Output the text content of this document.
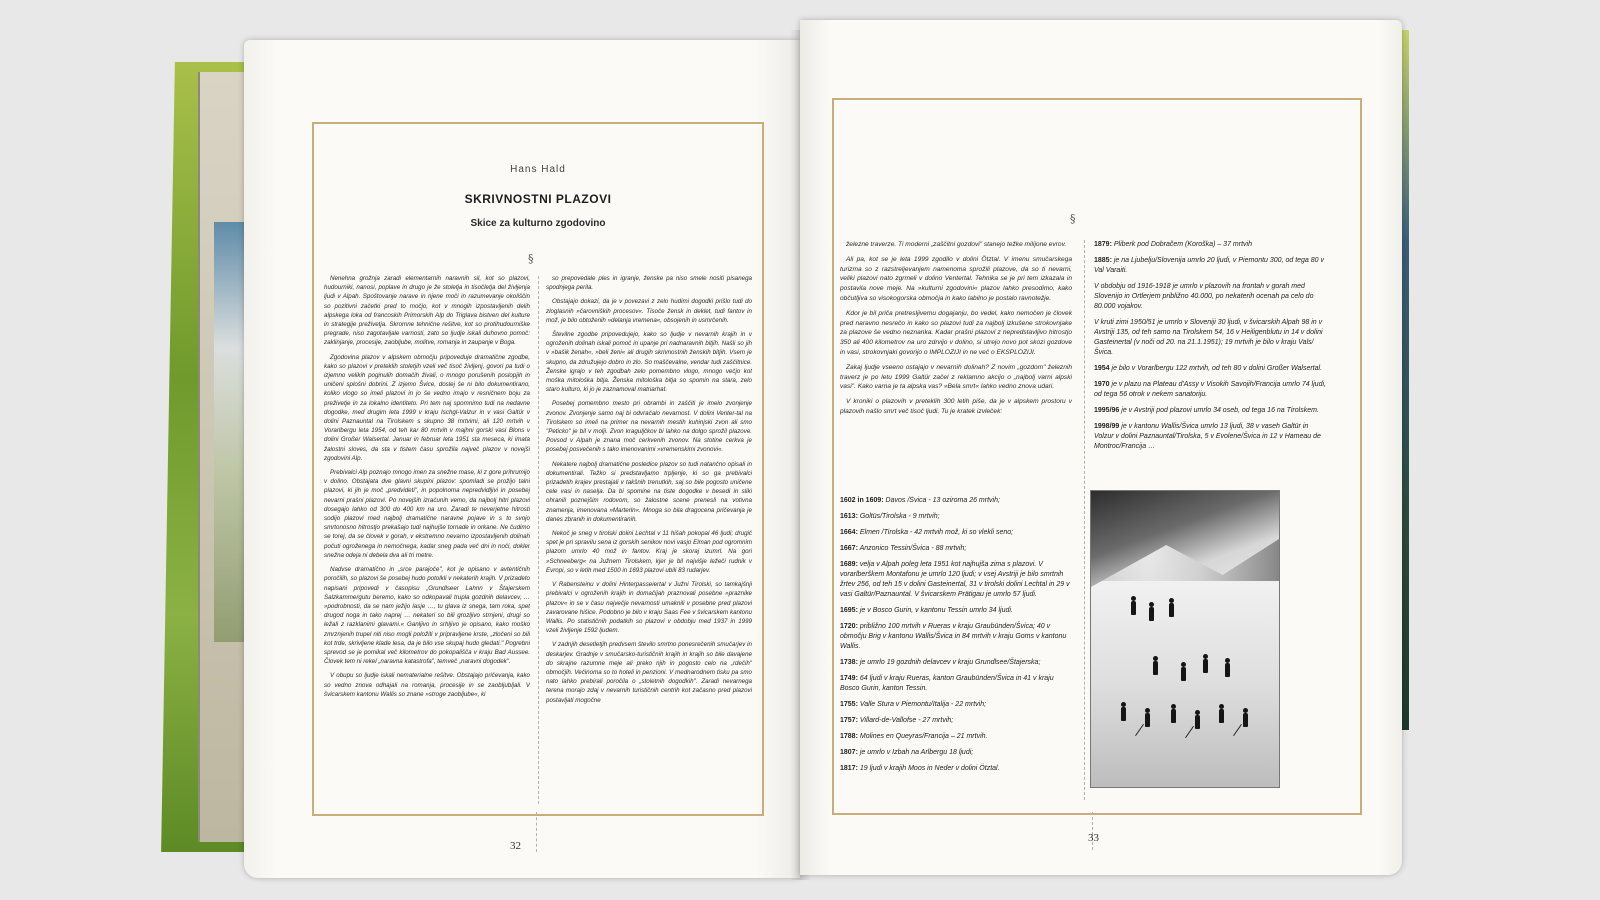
Hans Hald
SKRIVNOSTNI PLAZOVI
Skice za kulturno zgodovino
§

Nenehna grožnja zaradi elementarnih naravnih sil, kot so plazovi, hudourniki, nanosi, poplave in drugo je že stoletja in tisočletja del življenja ljudi v Alpah. Spoštovanje narave in njene moči in razumevanje okoliščin so pozitivni začetki pred to močjo, kot v mnogih izpostavljenih delih alpskega loka od francoskih Primorskih Alp do Triglava bistven del kulture in strategije preživetja. Skromne tehnične rešitve, kot so protihudourniške pregrade, niso zagotavljale varnosti, zato so ljudje iskali duhovno pomoč: zaklinjanje, procesije, zaobljube, molitve, romanja in zaupanje v Boga.

Zgodovina plazov v alpskem območju pripoveduje dramatične zgodbe, kako so plazovi v preteklih stoletjih vzeli več tisoč življenj, govori pa tudi o izjemno velikih poginulih domačih živali, o mnogo porušenih poslopjih in uničeni splošni dobrini. Z izjemo Švice, doslej še ni bilo dokumentirano, koliko vlogo so imeli plazovi in jo še vedno imajo v resničnem boju za preživetje in za lokalno identiteto. Pri tem naj spomnimo tudi na nedavne dogodke, med drugim leta 1999 v kraju Ischgl-Valzur in v vasi Galtür v dolini Paznauntal na Tirolskem s skupno 38 mrtvimi, ali 120 mrtvih v Vorarlbergu leta 1954, od teh kar 80 mrtvih v majhni gorski vasi Blons v dolini Großer Walsertal. Januar in februar leta 1951 sta meseca, ki imata žalostni sloves, da sta v tistem času sprožila največ plazov v novejši zgodovini Alp.

Prebivalci Alp poznajo mnogo imen za snežne mase, ki z gore prihrumijo v dolino. Obstajata dve glavni skupini plazov: spomladi se prožijo talni plazovi, ki jih je moč „predvideti", in popolnoma nepredvidljivi in posebej nevarni prašni plazovi. Po novejših izračunih vemo, da najbolj hitri plazovi dosegajo lahko od 300 do 400 km na uro. Zaradi te neverjetne hitrosti sodijo plazovi med najbolj dramatične naravne pojave in s to svojo smrtonosno hitrostjo prekašajo tudi najhujše tornade in orkane. Ne čudimo se torej, da se človek v gorah, v ekstremno nevarno izpostavljenih dolinah počuti ogroženega in nemočnega, kadar sneg pada več dni in noči, dokler snežna odeja ni debela dva ali tri metre.

Nadvse dramatično in „srce parajoče", kot je opisano v avtentičnih poročilih, so plazovi še posebej hudo potolkli v nekaterih krajih. V prizadeto napisani pripovedi v časopisu „Grundlseer Lahnn v Štajerskem Salzkammergutu beremo, kako so odkopavali trupla gozdnih delavcev, … »podrobnosti, da se nam ježijo lasje …, tu glava iz snega, tam roka, spet drugod noga in tako naprej … nekateri so bili grozljivo strnjeni, drugi so ležali z razklanimi glavami.« Ganljivo in srhljivo je opisano, kako moško zmrznjenih trupel niti niso mogli položiti v pripravljene krste, „zločeni so bili kot trde, skrivljene klade lesa, da je bilo vse skupaj hudo gledati." Pogrebni sprevod se je pomikal več kilometrov do pokopališča v kraju Bad Aussee. Človek tem ni rekel „naravna katastrofa", temveč „naravni dogodek".

V obupu so ljudje iskali nematerialne rešitve. Obstajajo pričevanja, kako so vedno znova odhajali na romanja, procesije in se zaobljubljali. V švicarskem kantonu Wallis so znane »stroge zaobljube«, ki

so prepovedale ples in igranje, ženske pa niso smele nositi pisanega spodnjega perila.

Obstajajo dokazi, da je v povezavi z zelo hudimi dogodki prišlo tudi do zloglasnih »čarovniških procesov«. Tisoče žensk in deklet, tudi fantov in mož, je bilo obtoženih »delanja vremena«, obsojenih in usmrčenih.

Številne zgodbe pripovedujejo, kako so ljudje v nevarnih krajih in v ogroženih dolinah iskali pomoč in upanje pri nadnaravnih bitjih. Našli so jih v »bašik ženah«, »beli ženi« ali drugih skrivnostnih ženskih bitjih. Vsem je skupno, da združujejo dobro in zlo. So maščevalne, vendar tudi zaščitnice. Ženske igrajo v teh zgodbah zelo pomembno vlogo, mnogo večjo kot moška mitološka bitja. Ženska mitološka bitja so spomin na stara, zelo staro kulturo, ki jo je zaznamoval matriarhat.

Posebej pomembno mesto pri obrambi in zaščiti je imelo zvonjenje zvonov. Zvonjenje samo naj bi odvračalo nevarnost. V dolini Venter-tal na Tirolskem so imeli na primer na nevarnih mestih kuhinjski zvon ali smo "Peticko" je bil v molji. Zvon kraguljčkov bi lahko na dolgo sprožil plazove. Povsod v Alpah je znana moč cerkvenih zvonov. Na stotine cerkva je posebej posvečenih s tako imenovanimi »vremenskimi zvonovi«.

Nekatere najbolj dramatične posledice plazov so tudi natančno opisali in dokumentirali. Težko si predstavljamo trpljenje, ki so ga prebivalci prizadetih krajev prestajali v takšnih trenutkih, saj so bile pogosto uničene cele vasi in naselja. Da bi spomine na tiste dogodke v besedi in sliki ohranili poznejšim rodovom, so žalostne scene prenesli na votivna znamenja, imenovana »Marterln«. Mnoga so bila dragocena pričevanja je danes zbranih in dokumentiranih.

Nekoč je sneg v tirolski dolini Lechtal v 11 hišah pokopal 46 ljudi; drugič spet je pri spravilu sena iz gorskih senikov novi vasjo Elman pod ogromnim plazom umrlo 40 mož in fantov. Kraj je skoraj izumrl. Na gori »Schneeberg« na Južnem Tirolskem, kjer je bil najvišje ležeči rudnik v Evropi, so v letih med 1500 in 1693 plazovi ubili 83 rudarjev.

V Rabensteinu v dolini Hinterpasseiertal v Južni Tirolski, so tamkajšnji prebivalci v ogroženih krajih in domačijah praznovali posebne »praznike plazov« in se v času največje nevarnosti umaknili v posebne pred plazovi zavarovane hišice. Podobno je bilo v kraju Saas Fee v švicarskem kantonu Wallis. Po statističnih podatkih so plazovi v obdobju med 1937 in 1999 vzeli življenje 1592 ljudem.

V zadnjih desetletjih predvsem število smrtno ponesrečenih smučarjev in deskarjev. Gradnje v smučarsko-turističnih krajih in krajih so bile davajene do skrajne razumne meje ali preko njih in pogosto celo na „rdečih" območjih. Večinoma so to hoteli in penzioni. V mednarodnem tisku pa smo nato lahko prebirali poročila o „stoletnih dogodkih". Zaradi nevarnega terena morajo zdaj v nevarnih turističnih centrih kot začasno pred plazovi postavljati mogočne

32
§

železne traverze. Ti moderni „zaščitni gozdovi" stanejo težke milijone evrov.

Ali pa, kot se je leta 1999 zgodilo v dolini Ötztal. V imenu smučarskega turizma so z razstreljevanjem namenoma sprožili plazove, da so ti nevarni, veliki plazovi nato zgrmeli v dolino Ventertal. Tehnika se je pri tem izkazala in postavila nove meje. Na »kulturni zgodovini« plazov lahko presodimo, kako občutljiva so visokogorska območja in kako labilno je postalo ravnotežje.

Kdor je bil priča pretresljivemu dogajanju, bo vedel, kako nemočen je človek pred naravno nesrečo in kako so plazovi tudi za najbolj izkušene strokovnjake za plazove še vedno neznanka. Kadar prašni plazovi z nepredstavljivo hitrostjo 350 ali 400 kilometrov na uro zdrvijo v dolino, si utrejo novo pot skozi gozdove in vasi, strokovnjaki govorijo o IMPLOZIJI in ne več o EKSPLOZIJI.

Zakaj ljudje vseeno ostajajo v nevarnih dolinah? Z novim „gozdom" železnih traverz je po letu 1999 Galtür začel z reklamno akcijo o „najbolj varni alpski vasi". Kako varna je ta alpska vas? »Bela smrt« lahko vedno znova udari.

V kroniki o plazovih v preteklih 300 letih piše, da je v alpskem prostoru v plazovih našlo smrt več tisoč ljudi. Tu je kratek izvleček:

1602 in 1609: Davos /Švica - 13 oziroma 26 mrtvih;

1613: Goltüs/Tirolska - 9 mrtvih;

1664: Elmen /Tirolska - 42 mrtvih mož, ki so vlekli seno;

1667: Anzonico Tessin/Švica - 88 mrtvih;

1689: velja v Alpah poleg leta 1951 kot najhujša zima s plazovi. V vorarlberškem Montafonu je umrlo 120 ljudi; v vsej Avstriji je bilo smrtnih žrtev 256, od teh 15 v dolini Gasteinertal, 31 v tirolski dolini Lechtal in 29 v vasi Galtür/Paznauntal. V švicarskem Prätigau je umrlo 57 ljudi.

1695: je v Bosco Gurin, v kantonu Tessin umrlo 34 ljudi.

1720: približno 100 mrtvih v Rueras v kraju Graubünden/Švica; 40 v območju Brig v kantonu Wallis/Švica in 84 mrtvih v kraju Goms v kantonu Wallis.

1738: je umrlo 19 gozdnih delavcev v kraju Grundlsee/Štajerska;

1749: 64 ljudi v kraju Rueras, kanton Graubünden/Švica in 41 v kraju Bosco Gurin, kanton Tessin.

1755: Valle Stura v Piemontu/Italija - 22 mrtvih;

1757: Villard-de-Vallofse - 27 mrtvih;

1788: Molines en Queyras/Francija – 21 mrtvih.

1807: je umrlo v Izbah na Arlbergu 18 ljudi;

1817: 19 ljudi v krajih Moos in Neder v dolini Ötztal.

1879: Pliberk pod Dobračem (Koroška) – 37 mrtvih

1885: je na Ljubelju/Slovenija umrlo 20 ljudi, v Piemontu 300, od tega 80 v Val Varaiti.

V obdobju od 1916-1918 je umrlo v plazovih na frontah v gorah med Slovenijo in Ortlerjem približno 40.000, po nekaterih ocenah pa celo do 80.000 vojakov.

V kruti zimi 1950/51 je umrlo v Sloveniji 30 ljudi, v švicarskih Alpah 98 in v Avstriji 135, od teh samo na Tirolskem 54, 16 v Heiligenblutu in 14 v dolini Gasteinertal (v noči od 20. na 21.1.1951); 19 mrtvih je bilo v kraju Vals/Švica.

1954 je bilo v Vorarlbergu 122 mrtvih, od teh 80 v dolini Großer Walsertal.

1970 je v plazu na Plateau d'Assy v Visokih Savojih/Francija umrlo 74 ljudi, od tega 56 otrok v nekem sanatoriju.

1995/96 je v Avstriji pod plazovi umrlo 34 oseb, od tega 16 na Tirolskem.

1998/99 je v kantonu Wallis/Švica umrlo 13 ljudi, 38 v vaseh Galtür in Volzur v dolini Paznauntal/Tirolska, 5 v Evolene/Švica in 12 v Hameau de Montroc/Francija …

33
